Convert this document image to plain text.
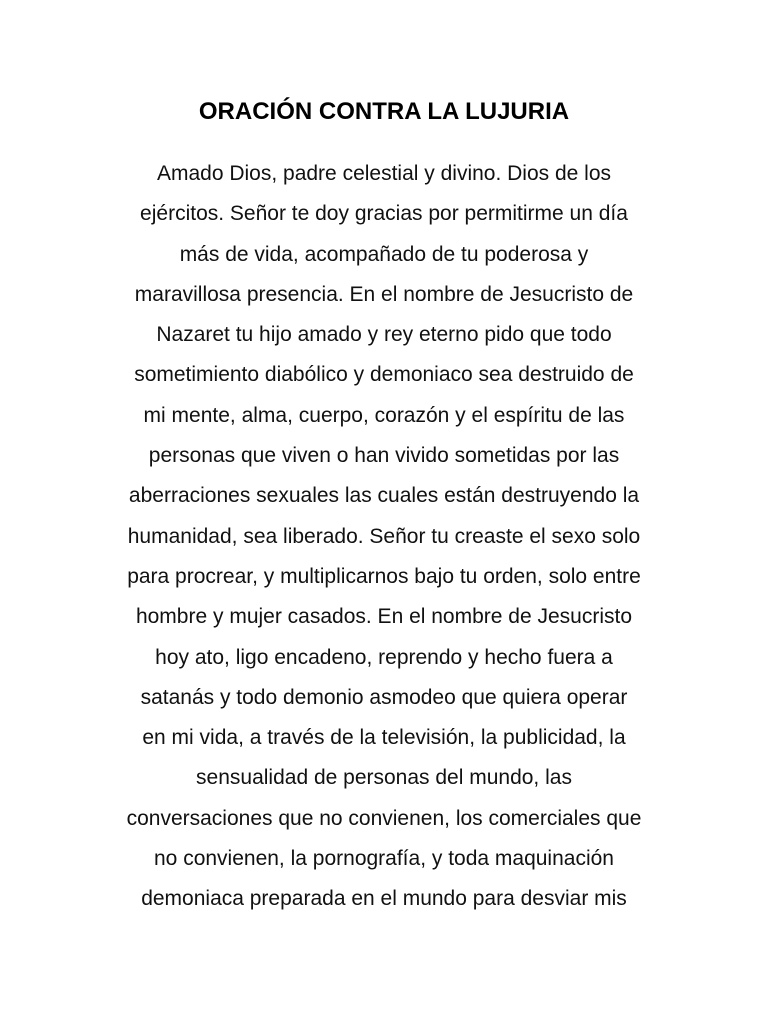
ORACIÓN CONTRA LA LUJURIA
Amado Dios, padre celestial y divino. Dios de los
ejércitos. Señor te doy gracias por permitirme un día
más de vida, acompañado de tu poderosa y
maravillosa presencia. En el nombre de Jesucristo de
Nazaret tu hijo amado y rey eterno pido que todo
sometimiento diabólico y demoniaco sea destruido de
mi mente, alma, cuerpo, corazón y el espíritu de las
personas que viven o han vivido sometidas por las
aberraciones sexuales las cuales están destruyendo la
humanidad, sea liberado. Señor tu creaste el sexo solo
para procrear, y multiplicarnos bajo tu orden, solo entre
hombre y mujer casados. En el nombre de Jesucristo
hoy ato, ligo encadeno, reprendo y hecho fuera a
satanás y todo demonio asmodeo que quiera operar
en mi vida, a través de la televisión, la publicidad, la
sensualidad de personas del mundo, las
conversaciones que no convienen, los comerciales que
no convienen, la pornografía, y toda maquinación
demoniaca preparada en el mundo para desviar mis
